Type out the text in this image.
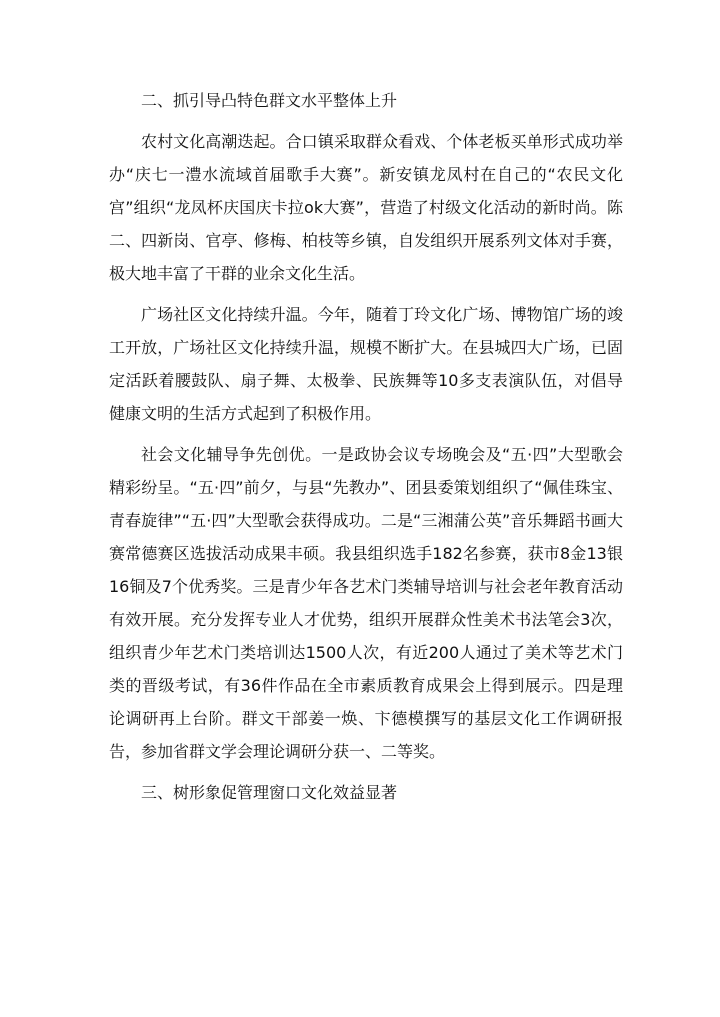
二、抓引导凸特色群文水平整体上升

农村文化高潮迭起。合口镇采取群众看戏、个体老板买单形式成功举办“庆七一澧水流域首届歌手大赛”。新安镇龙凤村在自己的“农民文化宫”组织“龙凤杯庆国庆卡拉ok大赛”，营造了村级文化活动的新时尚。陈二、四新岗、官亭、修梅、柏枝等乡镇，自发组织开展系列文体对手赛，极大地丰富了干群的业余文化生活。

广场社区文化持续升温。今年，随着丁玲文化广场、博物馆广场的竣工开放，广场社区文化持续升温，规模不断扩大。在县城四大广场，已固定活跃着腰鼓队、扇子舞、太极拳、民族舞等10多支表演队伍，对倡导健康文明的生活方式起到了积极作用。

社会文化辅导争先创优。一是政协会议专场晚会及“五·四”大型歌会精彩纷呈。“五·四”前夕，与县“先教办”、团县委策划组织了“佩佳珠宝、青春旋律”“五·四”大型歌会获得成功。二是“三湘蒲公英”音乐舞蹈书画大赛常德赛区选拔活动成果丰硕。我县组织选手182名参赛，获市8金13银16铜及7个优秀奖。三是青少年各艺术门类辅导培训与社会老年教育活动有效开展。充分发挥专业人才优势，组织开展群众性美术书法笔会3次，组织青少年艺术门类培训达1500人次，有近200人通过了美术等艺术门类的晋级考试，有36件作品在全市素质教育成果会上得到展示。四是理论调研再上台阶。群文干部姜一焕、卞德模撰写的基层文化工作调研报告，参加省群文学会理论调研分获一、二等奖。

三、树形象促管理窗口文化效益显著
